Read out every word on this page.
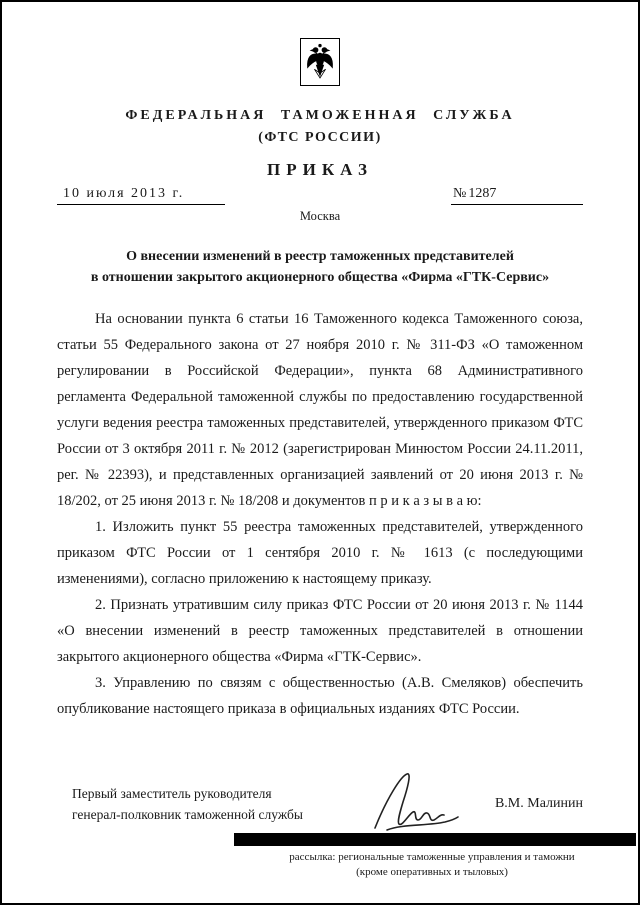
ФЕДЕРАЛЬНАЯ ТАМОЖЕННАЯ СЛУЖБА
(ФТС РОССИИ)
ПРИКАЗ
10 июля 2013 г.	№ 1287
Москва
О внесении изменений в реестр таможенных представителей
в отношении закрытого акционерного общества «Фирма «ГТК-Сервис»

На основании пункта 6 статьи 16 Таможенного кодекса Таможенного союза, статьи 55 Федерального закона от 27 ноября 2010 г. № 311-ФЗ «О таможенном регулировании в Российской Федерации», пункта 68 Административного регламента Федеральной таможенной службы по предоставлению государственной услуги ведения реестра таможенных представителей, утвержденного приказом ФТС России от 3 октября 2011 г. № 2012 (зарегистрирован Минюстом России 24.11.2011, рег. № 22393), и представленных организацией заявлений от 20 июня 2013 г. № 18/202, от 25 июня 2013 г. № 18/208 и документов п р и к а з ы в а ю:

1. Изложить пункт 55 реестра таможенных представителей, утвержденного приказом ФТС России от 1 сентября 2010 г. № 1613 (с последующими изменениями), согласно приложению к настоящему приказу.

2. Признать утратившим силу приказ ФТС России от 20 июня 2013 г. № 1144 «О внесении изменений в реестр таможенных представителей в отношении закрытого акционерного общества «Фирма «ГТК-Сервис».

3. Управлению по связям с общественностью (А.В. Смеляков) обеспечить опубликование настоящего приказа в официальных изданиях ФТС России.

Первый заместитель руководителя
генерал-полковник таможенной службы
В.М. Малинин
рассылка: региональные таможенные управления и таможни
(кроме оперативных и тыловых)
